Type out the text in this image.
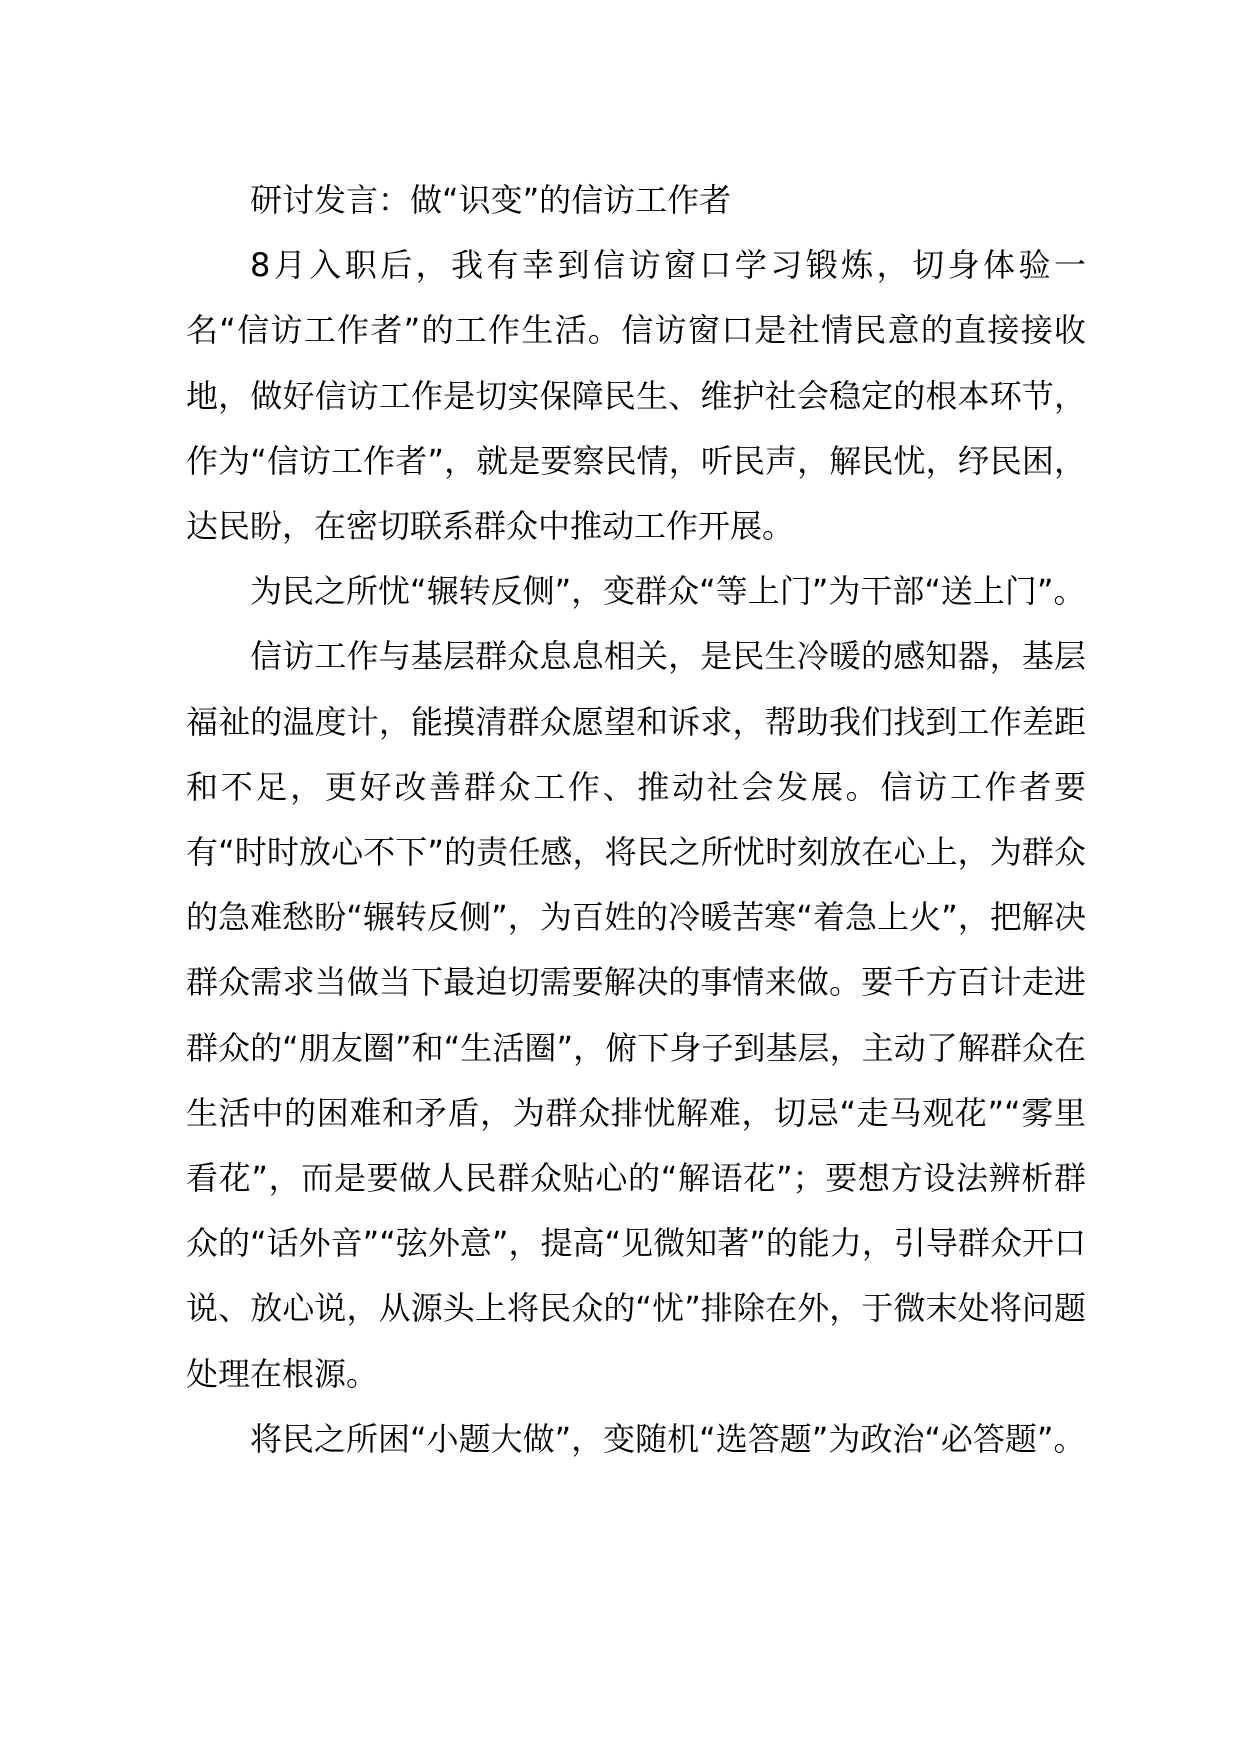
研讨发言：做“识变”的信访工作者

8月入职后，我有幸到信访窗口学习锻炼，切身体验一名“信访工作者”的工作生活。信访窗口是社情民意的直接接收地，做好信访工作是切实保障民生、维护社会稳定的根本环节，作为“信访工作者”，就是要察民情，听民声，解民忧，纾民困，达民盼，在密切联系群众中推动工作开展。

为民之所忧“辗转反侧”，变群众“等上门”为干部“送上门”。

信访工作与基层群众息息相关，是民生冷暖的感知器，基层福祉的温度计，能摸清群众愿望和诉求，帮助我们找到工作差距和不足，更好改善群众工作、推动社会发展。信访工作者要有“时时放心不下”的责任感，将民之所忧时刻放在心上，为群众的急难愁盼“辗转反侧”，为百姓的冷暖苦寒“着急上火”，把解决群众需求当做当下最迫切需要解决的事情来做。要千方百计走进群众的“朋友圈”和“生活圈”，俯下身子到基层，主动了解群众在生活中的困难和矛盾，为群众排忧解难，切忌“走马观花”“雾里看花”，而是要做人民群众贴心的“解语花”；要想方设法辨析群众的“话外音”“弦外意”，提高“见微知著”的能力，引导群众开口说、放心说，从源头上将民众的“忧”排除在外，于微末处将问题处理在根源。

将民之所困“小题大做”，变随机“选答题”为政治“必答题”。
